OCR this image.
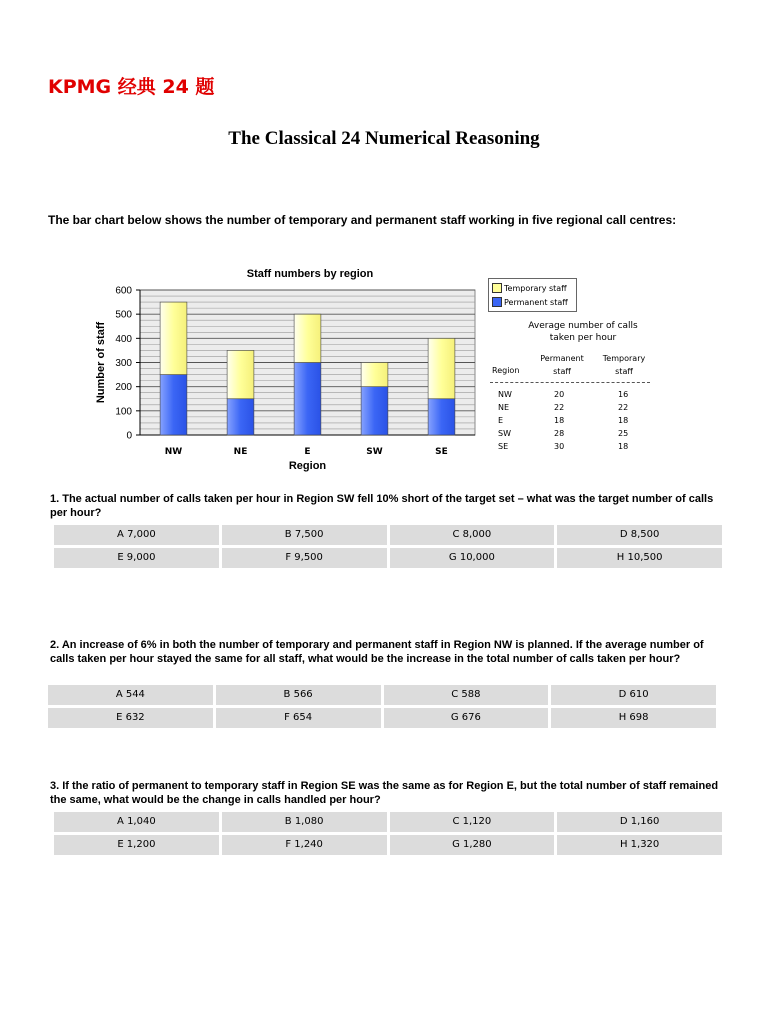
KPMG 经典 24 题
The Classical 24 Numerical Reasoning
The bar chart below shows the number of temporary and permanent staff working in five regional call centres:
Staff numbers by region
0
100
200
300
400
500
600
NW	NE	E	SW	SE
Region
Number of staff
Temporary staff
Permanent staff
Average number of calls
taken per hour
Region
Permanent
staff
Temporary
staff
NW	20	16
NE	22	22
E	18	18
SW	28	25
SE	30	18
1. The actual number of calls taken per hour in Region SW fell 10% short of the target set – what was the target number of calls per hour?
A 7,000	B 7,500	C 8,000	D 8,500
E 9,000	F 9,500	G 10,000	H 10,500
2. An increase of 6% in both the number of temporary and permanent staff in Region NW is planned. If the average number of calls taken per hour stayed the same for all staff, what would be the increase in the total number of calls taken per hour?
A 544	B 566	C 588	D 610
E 632	F 654	G 676	H 698
3. If the ratio of permanent to temporary staff in Region SE was the same as for Region E, but the total number of staff remained the same, what would be the change in calls handled per hour?
A 1,040	B 1,080	C 1,120	D 1,160
E 1,200	F 1,240	G 1,280	H 1,320
